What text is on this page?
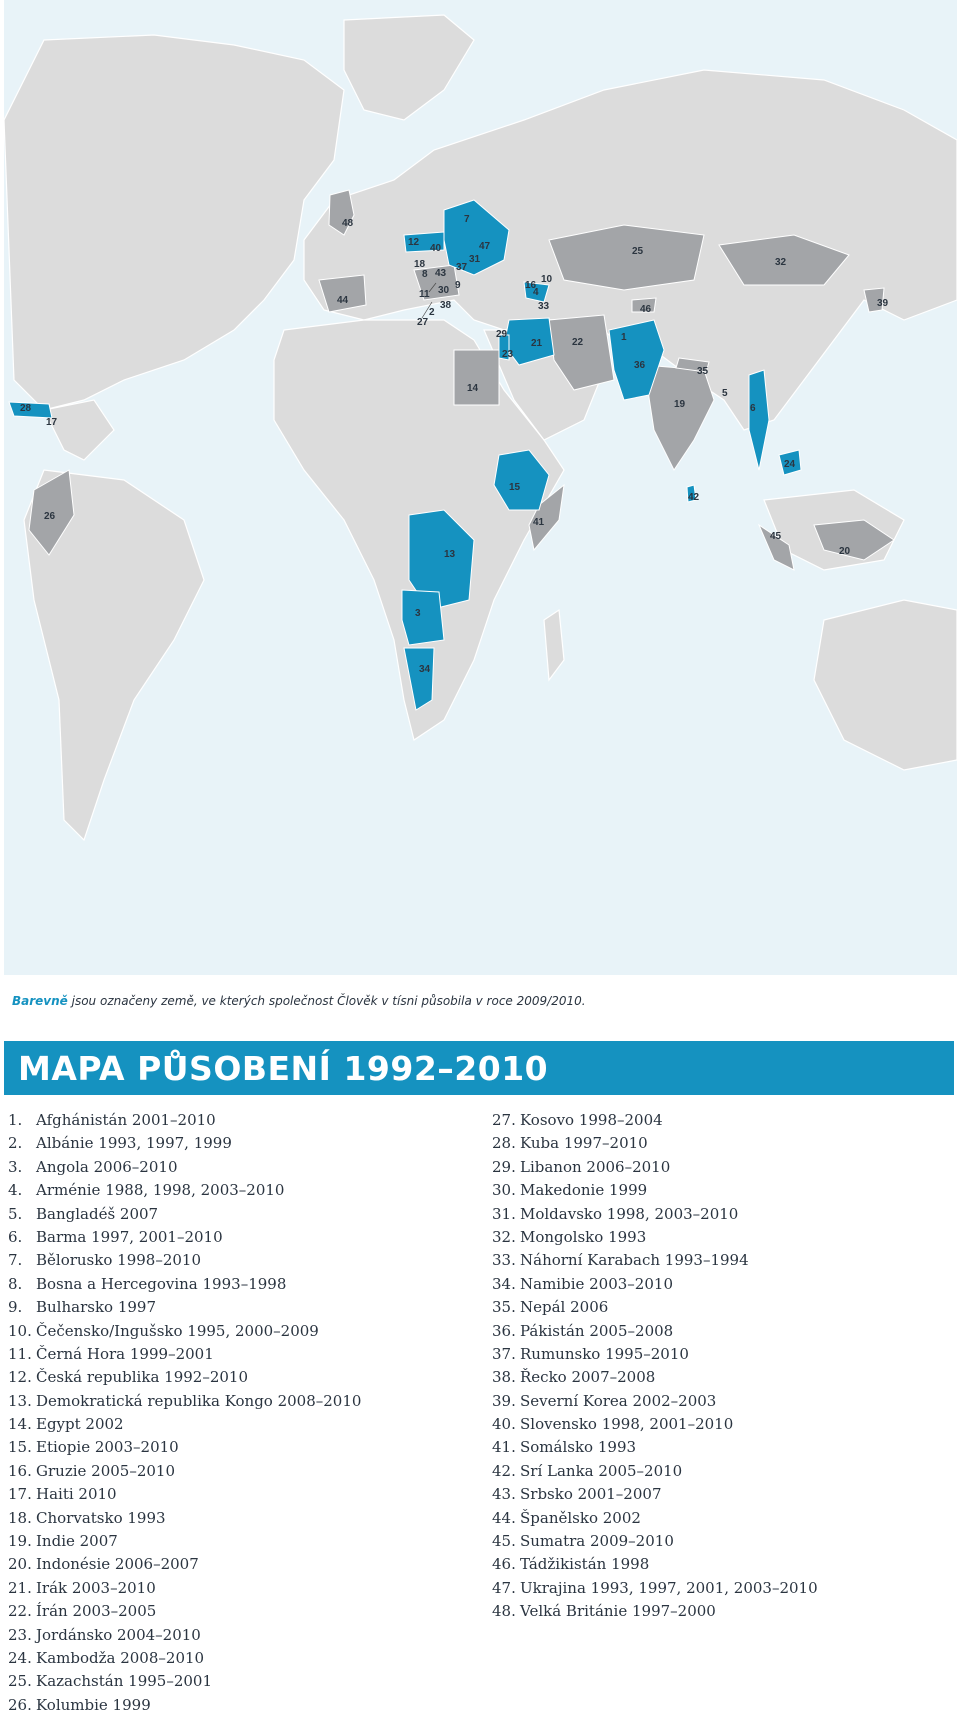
1
2
3
4
5
6
7
8
9
10
11
12
13
14
15
16
17
18
19
20
21	22
23
24
25
26
27
28
29
30
31	32
33
34
35
36
37
38	39
40
41
42
43
44
45
46
47
48
Barevně jsou označeny země, ve kterých společnost Člověk v tísni působila v roce 2009/2010.
MAPA PŮSOBENÍ 1992–2010
1. Afghánistán 2001–2010
2. Albánie 1993, 1997, 1999
3. Angola 2006–2010
4. Arménie 1988, 1998, 2003–2010
5. Bangladéš 2007
6. Barma 1997, 2001–2010
7. Bělorusko 1998–2010
8. Bosna a Hercegovina 1993–1998
9. Bulharsko 1997
10. Čečensko/Ingušsko 1995, 2000–2009
11. Černá Hora 1999–2001
12. Česká republika 1992–2010
13. Demokratická republika Kongo 2008–2010
14. Egypt 2002
15. Etiopie 2003–2010
16. Gruzie 2005–2010
17. Haiti 2010
18. Chorvatsko 1993
19. Indie 2007
20. Indonésie 2006–2007
21. Irák 2003–2010
22. Írán 2003–2005
23. Jordánsko 2004–2010
24. Kambodža 2008–2010
25. Kazachstán 1995–2001
26. Kolumbie 1999
27. Kosovo 1998–2004
28. Kuba 1997–2010
29. Libanon 2006–2010
30. Makedonie 1999
31. Moldavsko 1998, 2003–2010
32. Mongolsko 1993
33. Náhorní Karabach 1993–1994
34. Namibie 2003–2010
35. Nepál 2006
36. Pákistán 2005–2008
37. Rumunsko 1995–2010
38. Řecko 2007–2008
39. Severní Korea 2002–2003
40. Slovensko 1998, 2001–2010
41. Somálsko 1993
42. Srí Lanka 2005–2010
43. Srbsko 2001–2007
44. Španělsko 2002
45. Sumatra 2009–2010
46. Tádžikistán 1998
47. Ukrajina 1993, 1997, 2001, 2003–2010
48. Velká Británie 1997–2000
